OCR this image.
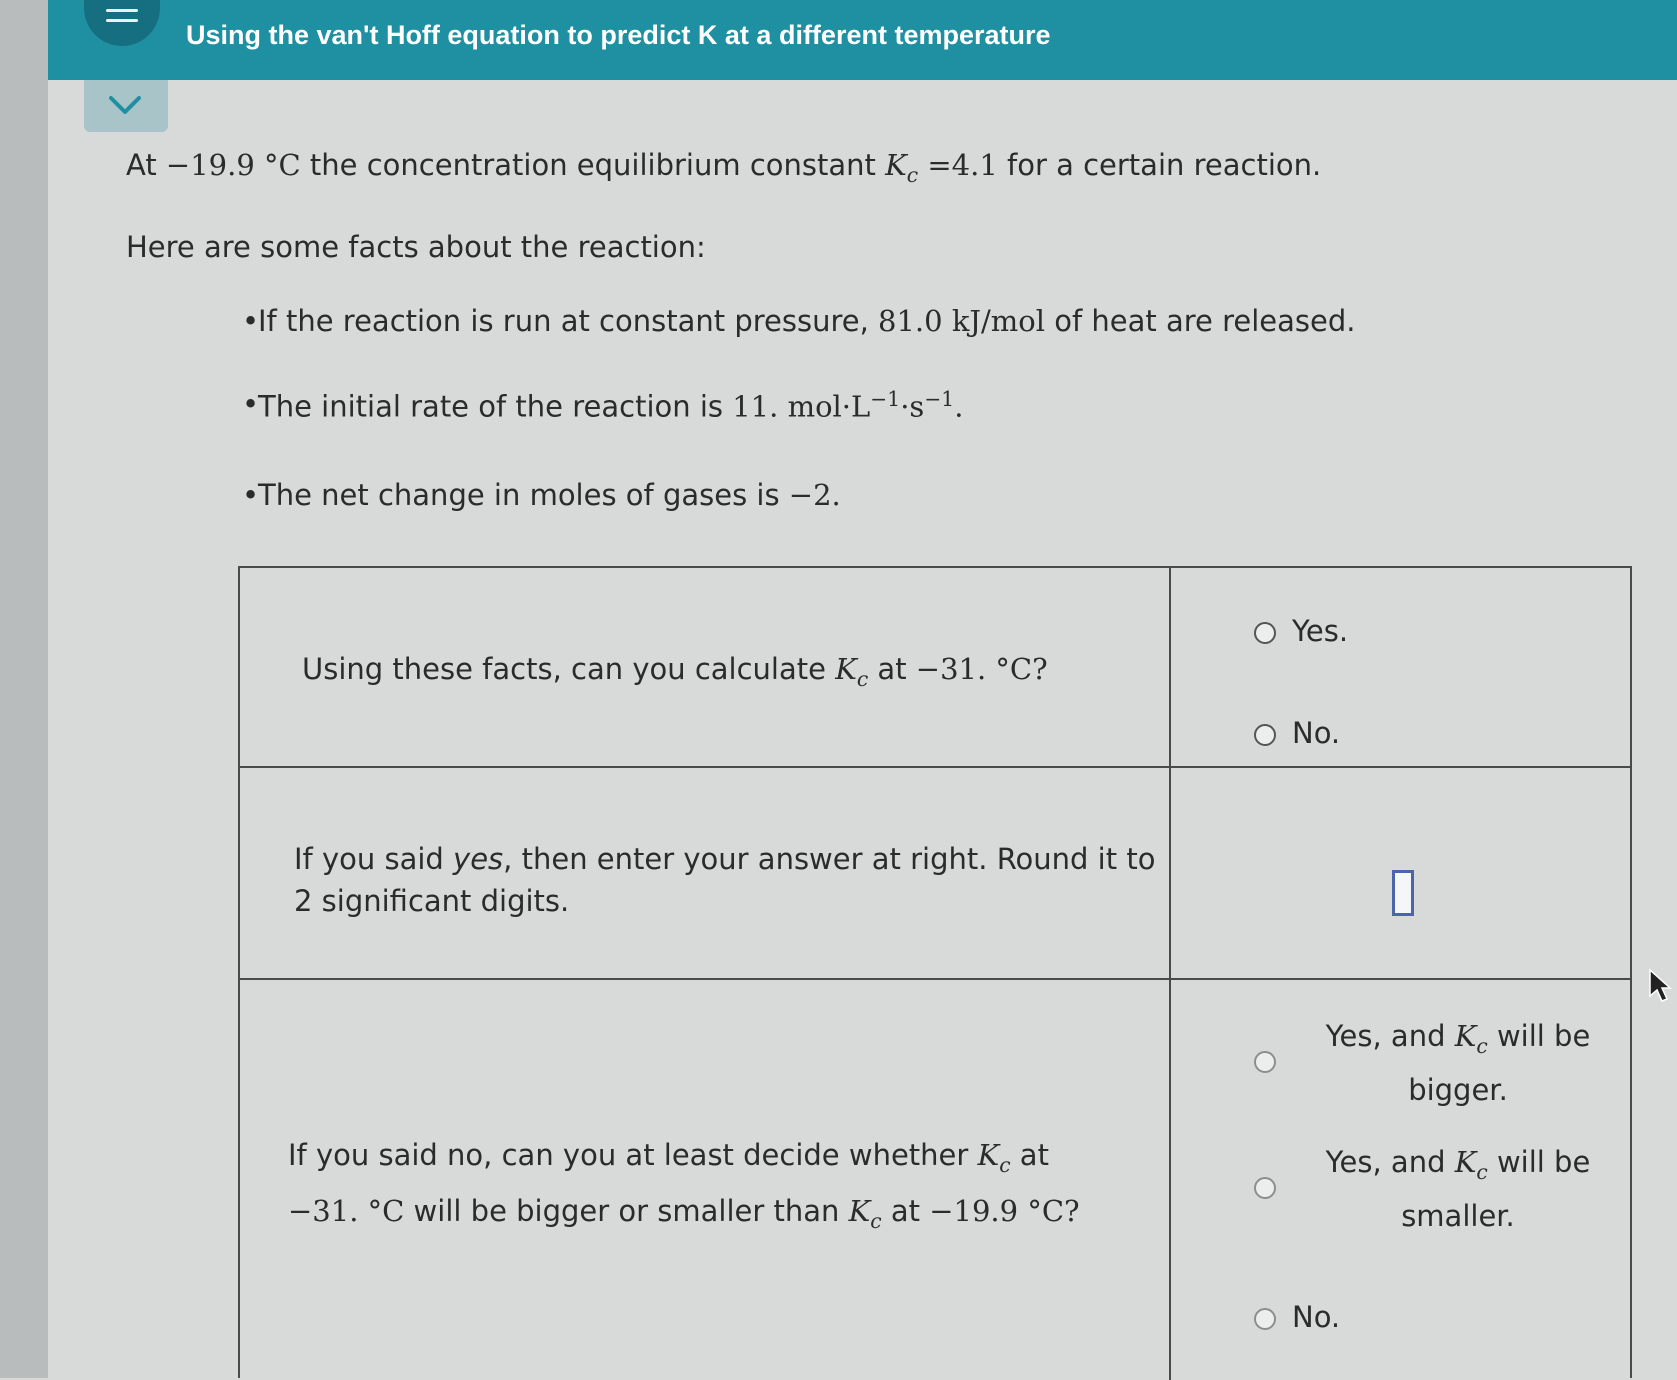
Using the van't Hoff equation to predict K at a different temperature
At −19.9 °C the concentration equilibrium constant $K_c =4.1$ for a certain reaction.
Here are some facts about the reaction:
• If the reaction is run at constant pressure, 81.0 kJ/mol of heat are released.
• The initial rate of the reaction is 11. $mol\cdot L^{-1}\cdot s^{-1}$.
• The net change in moles of gases is −2.
Using these facts, can you calculate $K_c$ at −31. °C?
If you said yes, then enter your answer at right. Round it to 2 significant digits.
If you said no, can you at least decide whether $K_c$ at
−31. °C will be bigger or smaller than $K_c$ at −19.9 °C?
Yes.
No.
Yes, and $K_c$ will be
bigger.
Yes, and $K_c$ will be
smaller.
No.
